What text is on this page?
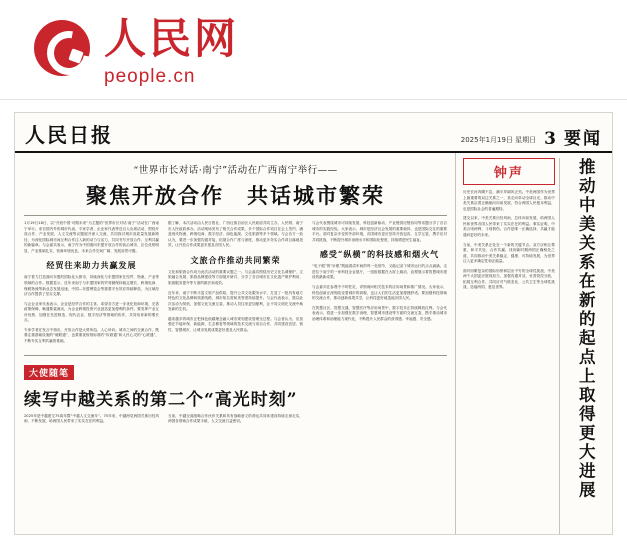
人民网
people.cn
人民日报	2025年1月19日 星期日 3 要闻
“世界市长对话·南宁”活动在广西南宁举行——
聚焦开放合作　共话城市繁荣

1月19日18日，以“开放中国·可期未来”为主题的“世界市长对话·南宁”活动在广西南宁举行。来自国内外的城市代表、专家学者、企业家代表等近百人出席活动，围绕开放合作、产业发展、人文交流等议题展开深入交流，共同探讨城市高质量发展新路径，为深化国际城市间互利合作注入新的动力与活力，共同书写开放合作、互利共赢的新篇章。与会嘉宾表示，南宁作为中国面向东盟开放合作的前沿城市，区位优势明显、产业基础扎实、营商环境优良，未来合作空间广阔、发展前景可期。

经贸往来助力共赢发展

南宁着力打造面向东盟的国际化大都市，持续深化与东盟国家在经贸、物流、产业等领域的合作。数据显示，近年来南宁与东盟国家的贸易额保持稳定增长，跨境电商、保税物流等新业态发展迅速，中国—东盟博览会等重要平台效应持续释放，为区域经济合作提供了坚实支撑。

与会企业家代表表示，企业是经贸合作的主体，希望各方进一步优化营商环境，完善政策保障，畅通要素流动，为企业跨境投资兴业创造更加便利的条件。要发挥产业互补优势，加强在先进制造、现代农业、数字经济等领域的协作，共同培育新的增长点。

专家学者在发言中指出，开放合作是大势所趋、人心所向。城市之间的交流合作，既要注重基础设施的“硬联通”，也要重视规则标准的“软联通”和人民心灵的“心联通”，不断夯实互利共赢的基础。

据了解，本次活动由人民日报社、广西壮族自治区人民政府共同主办，人民网、南宁市人民政府承办。活动现场发布了相关合作成果，多个国际合作项目在会上签约，涵盖现代物流、跨境电商、数字经济、绿色能源、文化旅游等多个领域。与会各方一致认为，要进一步加强沟通对接，拓展合作广度与深度，推动更多务实合作项目落地见效，让开放合作成果更多惠及各国人民。

文旅合作推动共同繁荣

文化和旅游合作成为此次活动的重要议题之一。与会嘉宾围绕历史文化名城保护、文旅融合发展、旅游品牌建设等方面展开研讨，分享了各自城市在文化遗产保护利用、旅游服务提升等方面的做法和成效。

近年来，南宁不断丰富文旅产品供给，提升公共文化服务水平，打造了一批具有地方特色的文化品牌和旅游线路，城市知名度和美誉度持续提升。与会代表表示，愿以此次活动为契机，加强文化交流互鉴，推动人员往来更加便利，让不同文明在交流中焕发新的生机。

越来越多的城市正把绿色低碳理念融入城市规划建设管理全过程。与会者认为，应加强在节能环保、新能源、生态修复等领域的技术交流与项目合作，共同建设宜居、韧性、智慧城市，让城市发展成果更好惠及人民群众。

与会代表围绕城市可持续发展、科技创新驱动、产业链供应链协同等话题分享了各自城市的实践经验。大家表示，城市是经济社会发展的重要载体，也是国际交往的重要平台。面对复杂多变的外部环境，各国城市更应坚持开放包容、互学互鉴，携手应对共同挑战，不断提升城市治理水平和国际化程度，持续增进民生福祉。

感受“纵横”的科技感和烟火气

“电子眼”的“针眼”既能看清车间的每一处细节，又能记录下城市运行的点点滴滴。走进位于南宁的一家科技企业展厅，一组组数据在大屏上跳动，直观展示着智慧城市建设的最新成果。

与会嘉宾在参观中不时驻足，详细询问相关技术的应用场景和推广情况。大家表示，科技创新正深刻改变着城市的面貌，也让人们的生活更加便捷舒适。要加强科技领域的交流合作，推动创新成果共享，让科技更好地造福各国人民。

在智慧社区、智慧交通、智慧医疗等应用场景中，数字技术正持续释放红利。与会代表表示，将进一步加强在数字治理、智慧城市建设等方面的交流互鉴，携手推动城市治理体系和治理能力现代化，不断提升人民群众的获得感、幸福感、安全感。

大使随笔
续写中越关系的第二个“高光时刻”

2025年是中越建交75周年暨“中越人文交流年”。75年来，中越两党两国关系历经风雨、不断发展，给两国人民带来了实实在在的利益。

当前，中越全面战略合作伙伴关系和具有战略意义的命运共同体建设持续走深走实，两国各领域合作成果丰硕，人文交流日益密切。

钟声

历史长河奔腾不息，潮平岸阔风正劲。中美两国作为世界上最重要的双边关系之一，其走向牵动全球目光。推动中美关系沿着正确航向向前发展，符合两国人民根本利益，也是国际社会的普遍期待。

建交以来，中美关系历经风雨，总体向前发展，给两国人民和世界各国人民带来了实实在在的利益。事实证明，中美合则两利、斗则俱伤。合作是唯一正确选择，共赢才能通向更好的未来。

当前，中美关系正处在一个新的关键节点。双方应相互尊重、和平共处、合作共赢，找到新时期两国正确相处之道，共同推动中美关系稳定、健康、可持续发展，为世界注入更多确定性和正能量。

面对纷繁复杂的国际形势和层出不穷的全球性挑战，中美两个大国更应展现担当，加强沟通对话，妥善管控分歧，拓展互利合作，共同应对气候变化、公共卫生等全球性挑战，造福两国、惠及世界。	推动中美关系在新的起点上取得更大进展
